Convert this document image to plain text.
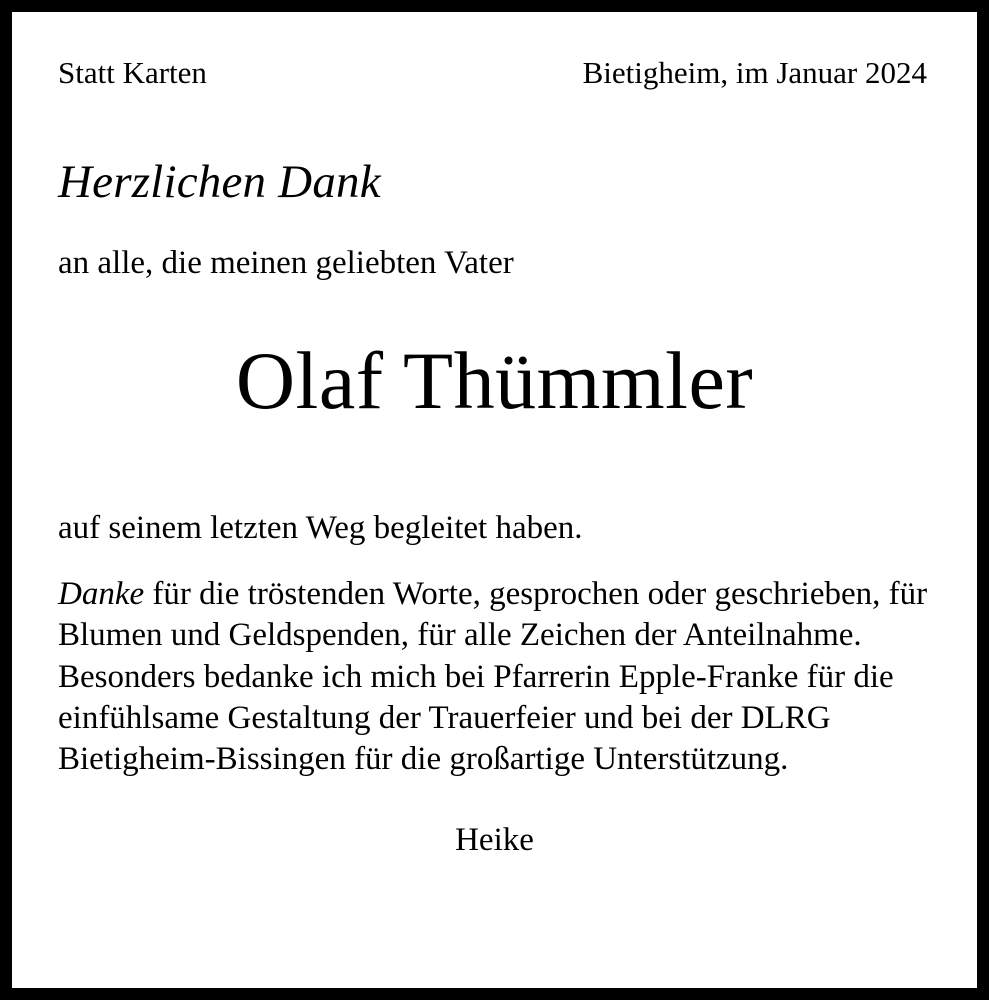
Statt Karten	Bietigheim, im Januar 2024
Herzlichen Dank
an alle, die meinen geliebten Vater
Olaf Thümmler
auf seinem letzten Weg begleitet haben.
Danke für die tröstenden Worte, gesprochen oder geschrieben, für Blumen und Geldspenden, für alle Zeichen der Anteilnahme. Besonders bedanke ich mich bei Pfarrerin Epple-Franke für die einfühlsame Gestaltung der Trauerfeier und bei der DLRG Bietigheim-Bissingen für die großartige Unterstützung.
Heike
